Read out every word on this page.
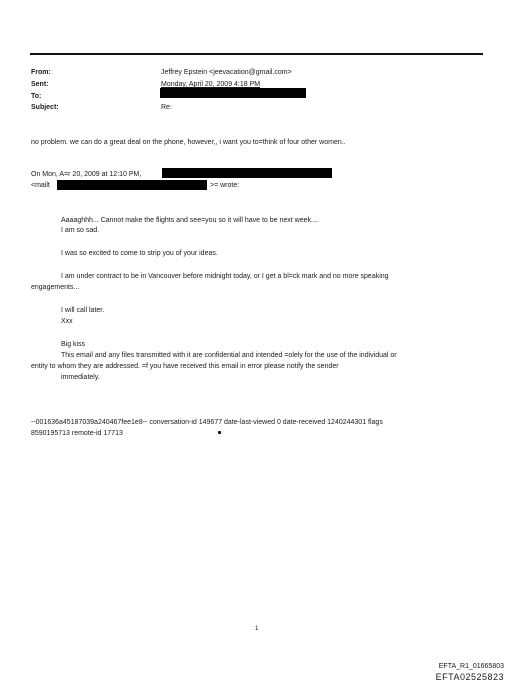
From:
Sent:
To:
Subject:
Jeffrey Epstein <jeevacation@gmail.com>
Monday, April 20, 2009 4:18 PM
Re:
no problem. we can do a great deal on the phone, however,, i want you to=think of four other women..
On Mon, A=r 20, 2009 at 12:10 PM,
<mailt	>= wrote:
Aaaaghhh... Cannot make the flights and see=you so it will have to be next week....
I am so sad.
I was so excited to come to strip you of your ideas.
I am under contract to be in Vancouver before midnight today, or I get a bl=ck mark and no more speaking
engagements...
I will call later.
Xxx
Big kiss
This email and any files transmitted with it are confidential and intended =olely for the use of the individual or
entity to whom they are addressed. =f you have received this email in error please notify the sender
immediately.
--001636a45187039a240467fee1e8-- conversation-id 149677 date-last-viewed 0 date-received 1240244301 flags
8590195713 remote-id 17713
1
EFTA_R1_01665803
EFTA02525823
